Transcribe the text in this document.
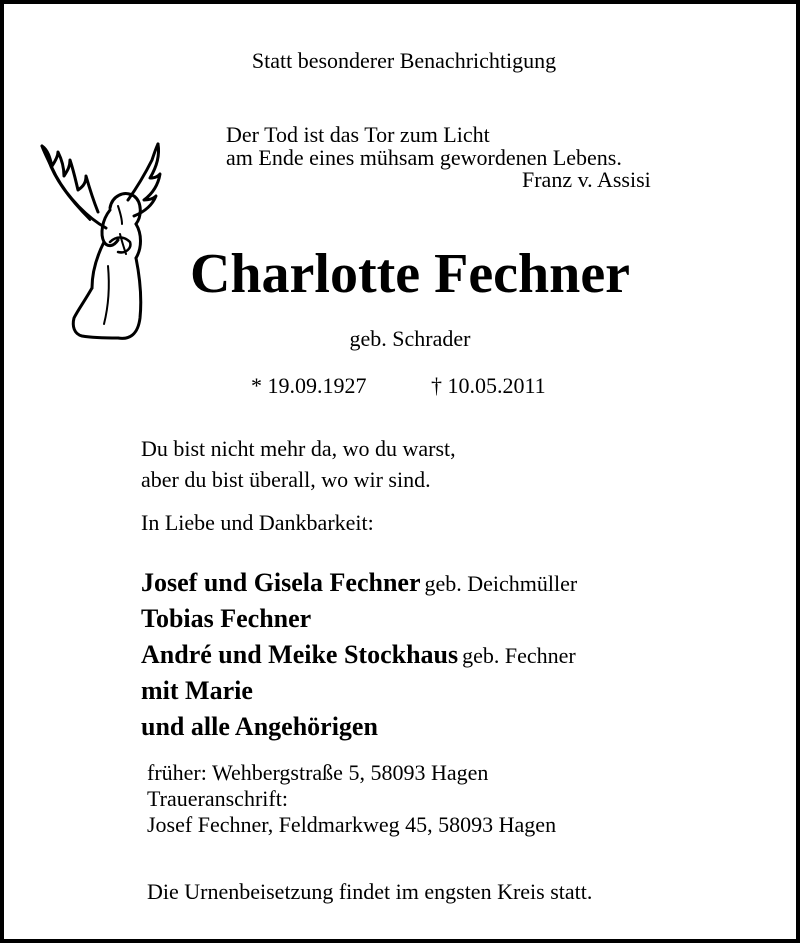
Statt besonderer Benachrichtigung
Der Tod ist das Tor zum Licht
am Ende eines mühsam gewordenen Lebens.
Franz v. Assisi
Charlotte Fechner
geb. Schrader
* 19.09.1927	† 10.05.2011
Du bist nicht mehr da, wo du warst,
aber du bist überall, wo wir sind.
In Liebe und Dankbarkeit:
Josef und Gisela Fechner geb. Deichmüller
Tobias Fechner
André und Meike Stockhaus geb. Fechner
mit Marie
und alle Angehörigen
früher: Wehbergstraße 5, 58093 Hagen
Traueranschrift:
Josef Fechner, Feldmarkweg 45, 58093 Hagen
Die Urnenbeisetzung findet im engsten Kreis statt.
